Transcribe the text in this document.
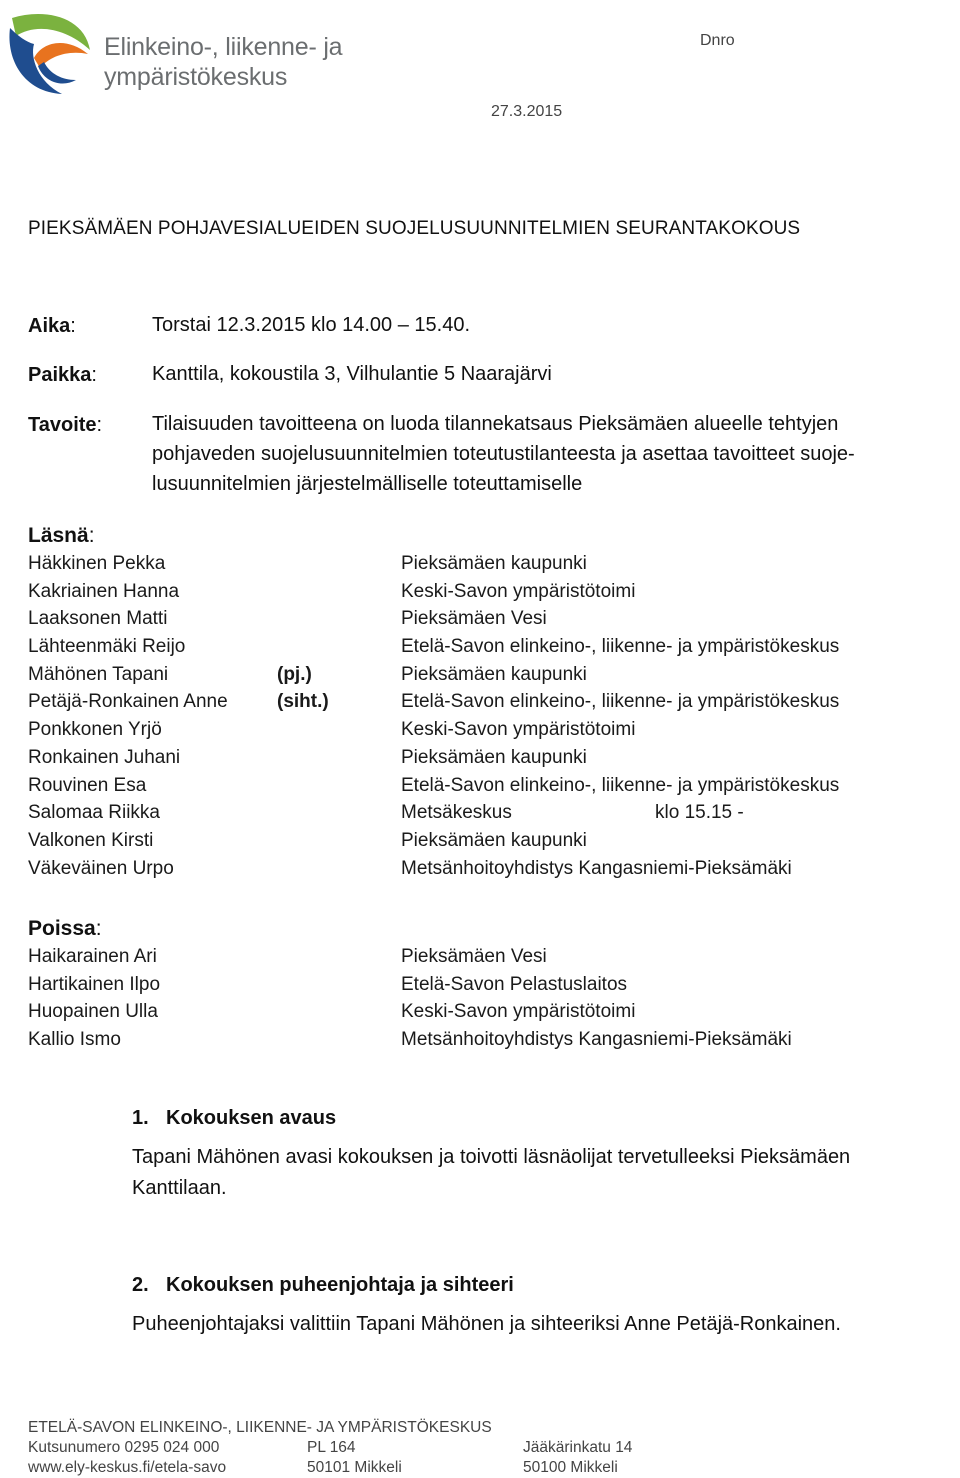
Elinkeino-, liikenne- ja
ympäristökeskus
Dnro
27.3.2015
PIEKSÄMÄEN POHJAVESIALUEIDEN SUOJELUSUUNNITELMIEN SEURANTAKOKOUS
Aika:	Torstai 12.3.2015 klo 14.00 – 15.40.
Paikka:	Kanttila, kokoustila 3, Vilhulantie 5 Naarajärvi
Tavoite: Tilaisuuden tavoitteena on luoda tilannekatsaus Pieksämäen alueelle tehtyjen
pohjaveden suojelusuunnitelmien toteutustilanteesta ja asettaa tavoitteet suoje-
lusuunnitelmien järjestelmälliselle toteuttamiselle
Läsnä:
Häkkinen Pekka	Pieksämäen kaupunki
Kakriainen Hanna	Keski-Savon ympäristötoimi
Laaksonen Matti	Pieksämäen Vesi
Lähteenmäki Reijo	Etelä-Savon elinkeino-, liikenne- ja ympäristökeskus
Mähönen Tapani	(pj.)	Pieksämäen kaupunki
Petäjä-Ronkainen Anne	(siht.)	Etelä-Savon elinkeino-, liikenne- ja ympäristökeskus
Ponkkonen Yrjö	Keski-Savon ympäristötoimi
Ronkainen Juhani	Pieksämäen kaupunki
Rouvinen Esa	Etelä-Savon elinkeino-, liikenne- ja ympäristökeskus
Salomaa Riikka	Metsäkeskus	klo 15.15 -
Valkonen Kirsti	Pieksämäen kaupunki
Väkeväinen Urpo	Metsänhoitoyhdistys Kangasniemi-Pieksämäki
Poissa:
Haikarainen Ari	Pieksämäen Vesi
Hartikainen Ilpo	Etelä-Savon Pelastuslaitos
Huopainen Ulla	Keski-Savon ympäristötoimi
Kallio Ismo	Metsänhoitoyhdistys Kangasniemi-Pieksämäki
1. Kokouksen avaus
Tapani Mähönen avasi kokouksen ja toivotti läsnäolijat tervetulleeksi Pieksämäen
Kanttilaan.
2. Kokouksen puheenjohtaja ja sihteeri
Puheenjohtajaksi valittiin Tapani Mähönen ja sihteeriksi Anne Petäjä-Ronkainen.
ETELÄ-SAVON ELINKEINO-, LIIKENNE- JA YMPÄRISTÖKESKUS
Kutsunumero 0295 024 000
www.ely-keskus.fi/etela-savo
PL 164
50101 Mikkeli
Jääkärinkatu 14
50100 Mikkeli
